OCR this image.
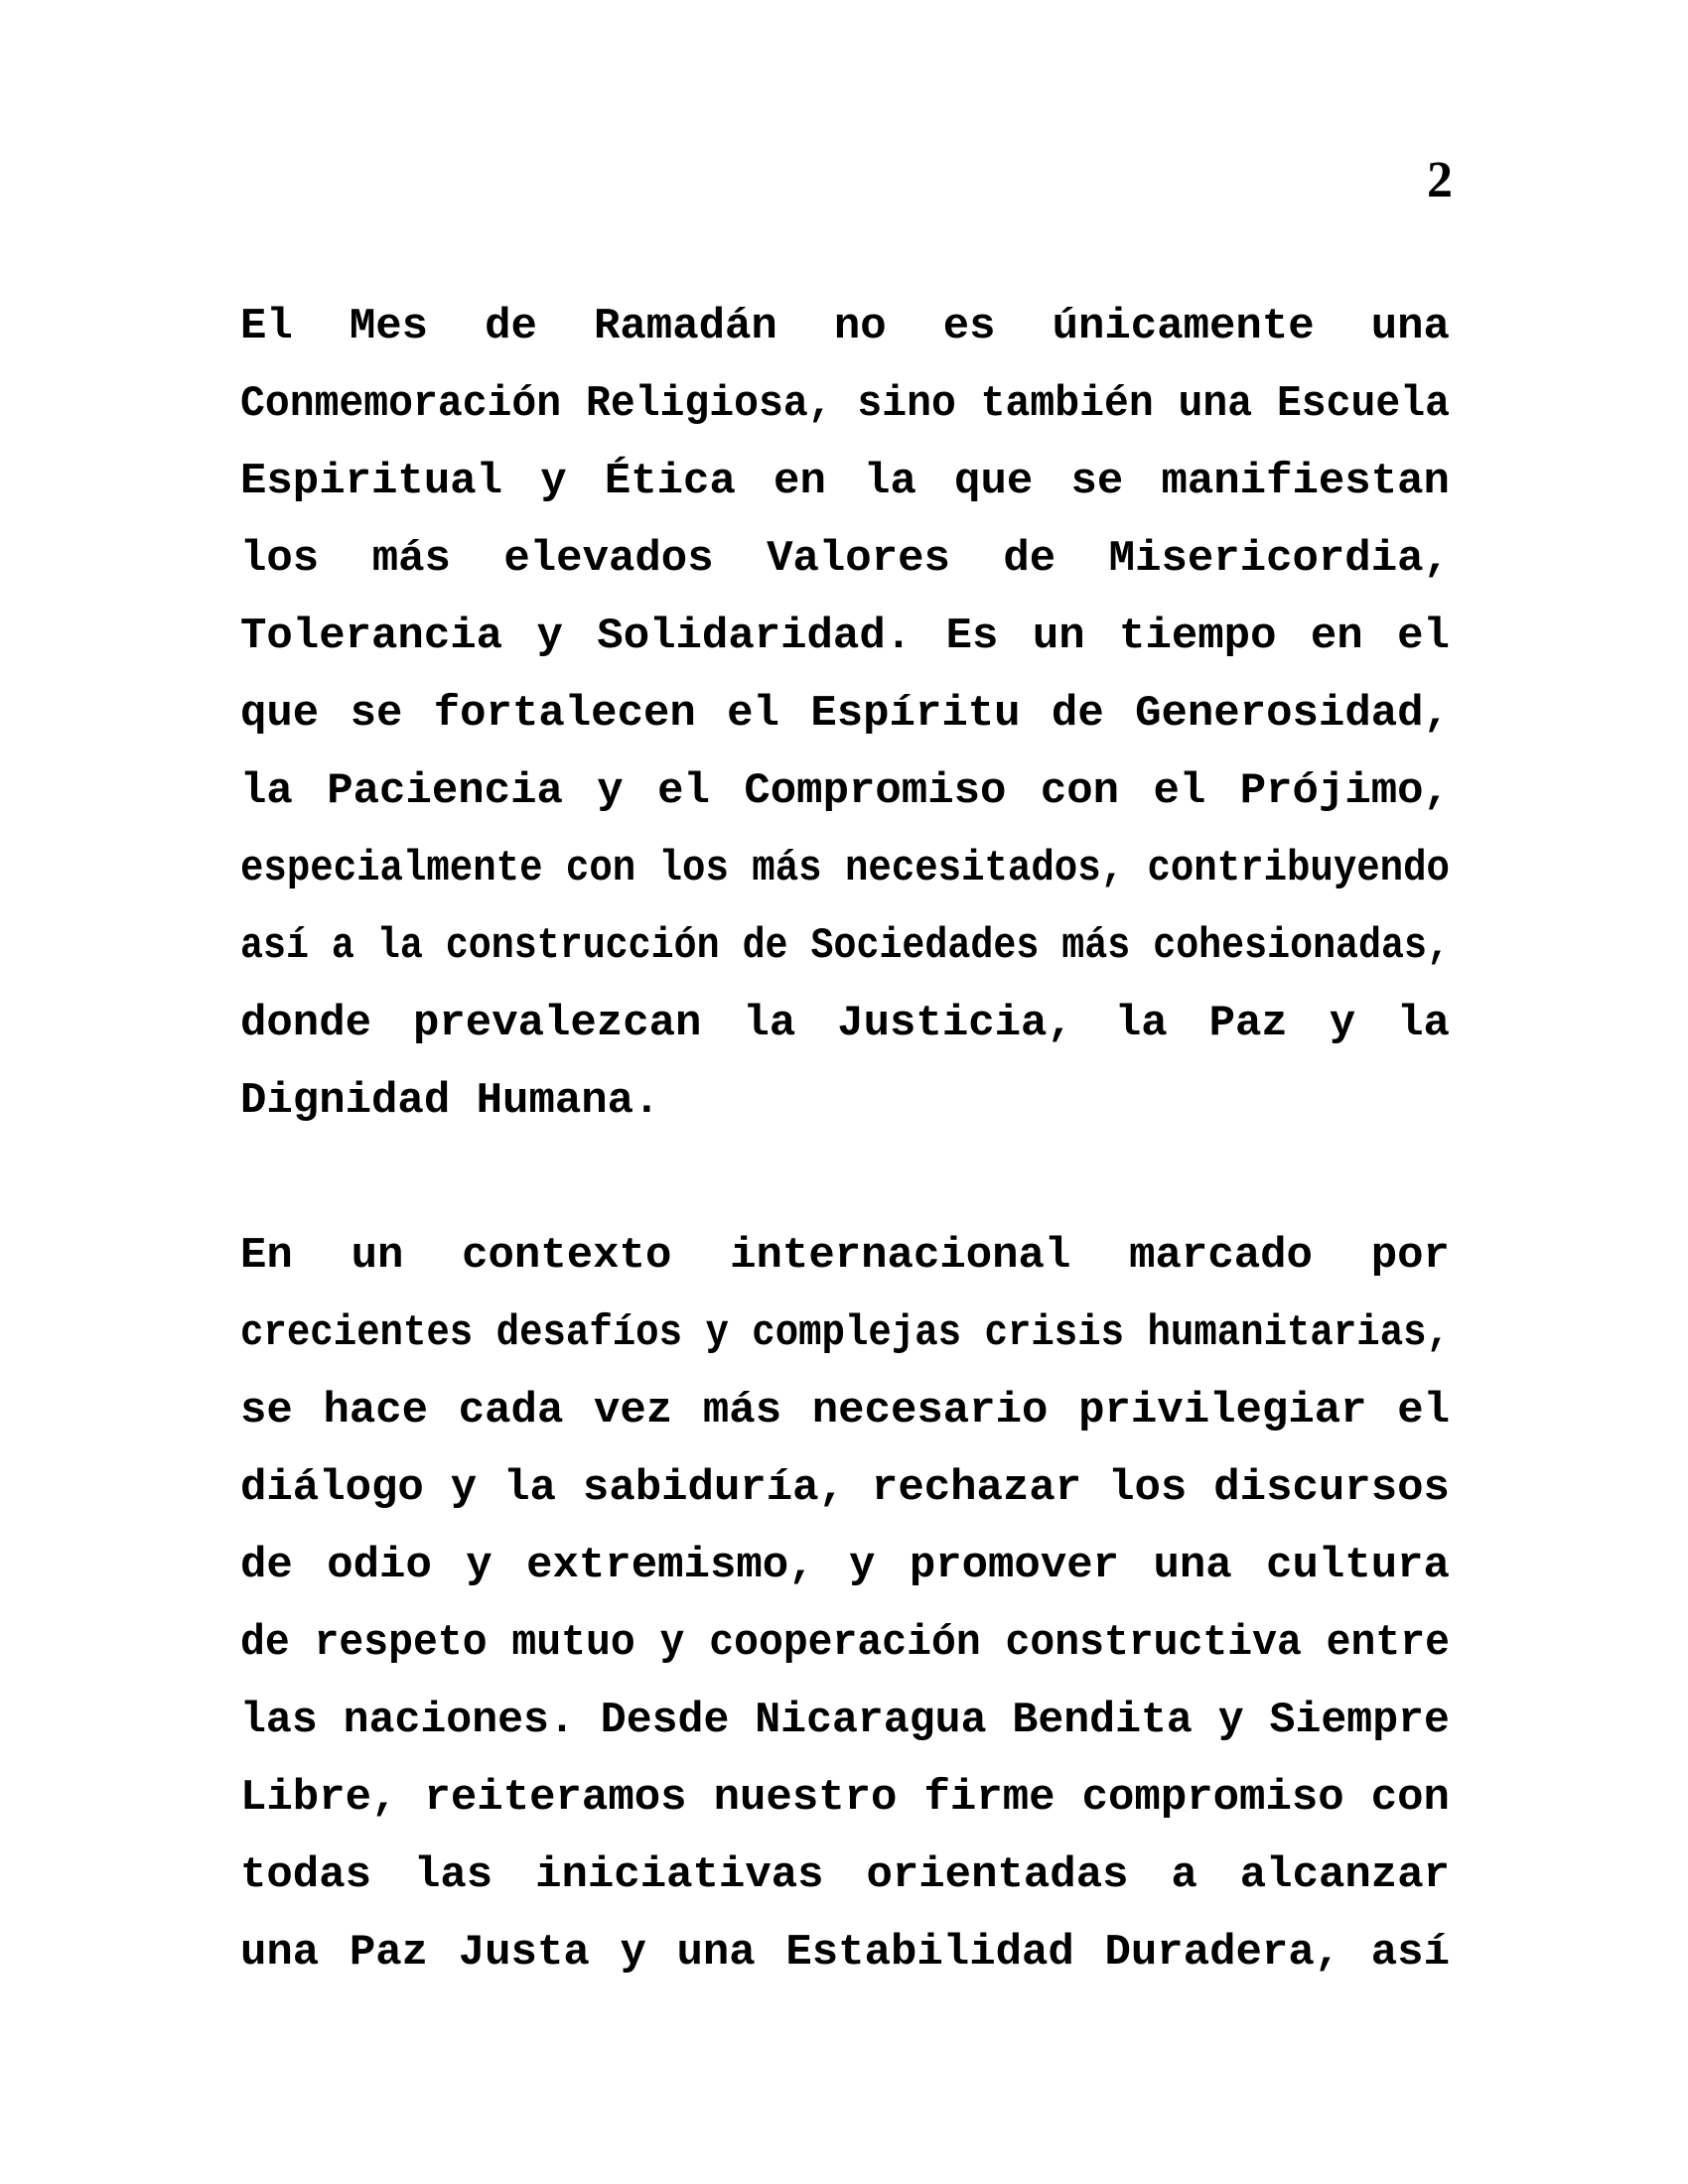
2
El Mes de Ramadán no es únicamente una
Conmemoración Religiosa, sino también una Escuela
Espiritual y Ética en la que se manifiestan
los más elevados Valores de Misericordia,
Tolerancia y Solidaridad. Es un tiempo en el
que se fortalecen el Espíritu de Generosidad,
la Paciencia y el Compromiso con el Prójimo,
especialmente con los más necesitados, contribuyendo
así a la construcción de Sociedades más cohesionadas,
donde prevalezcan la Justicia, la Paz y la
Dignidad Humana.
En un contexto internacional marcado por
crecientes desafíos y complejas crisis humanitarias,
se hace cada vez más necesario privilegiar el
diálogo y la sabiduría, rechazar los discursos
de odio y extremismo, y promover una cultura
de respeto mutuo y cooperación constructiva entre
las naciones. Desde Nicaragua Bendita y Siempre
Libre, reiteramos nuestro firme compromiso con
todas las iniciativas orientadas a alcanzar
una Paz Justa y una Estabilidad Duradera, así
